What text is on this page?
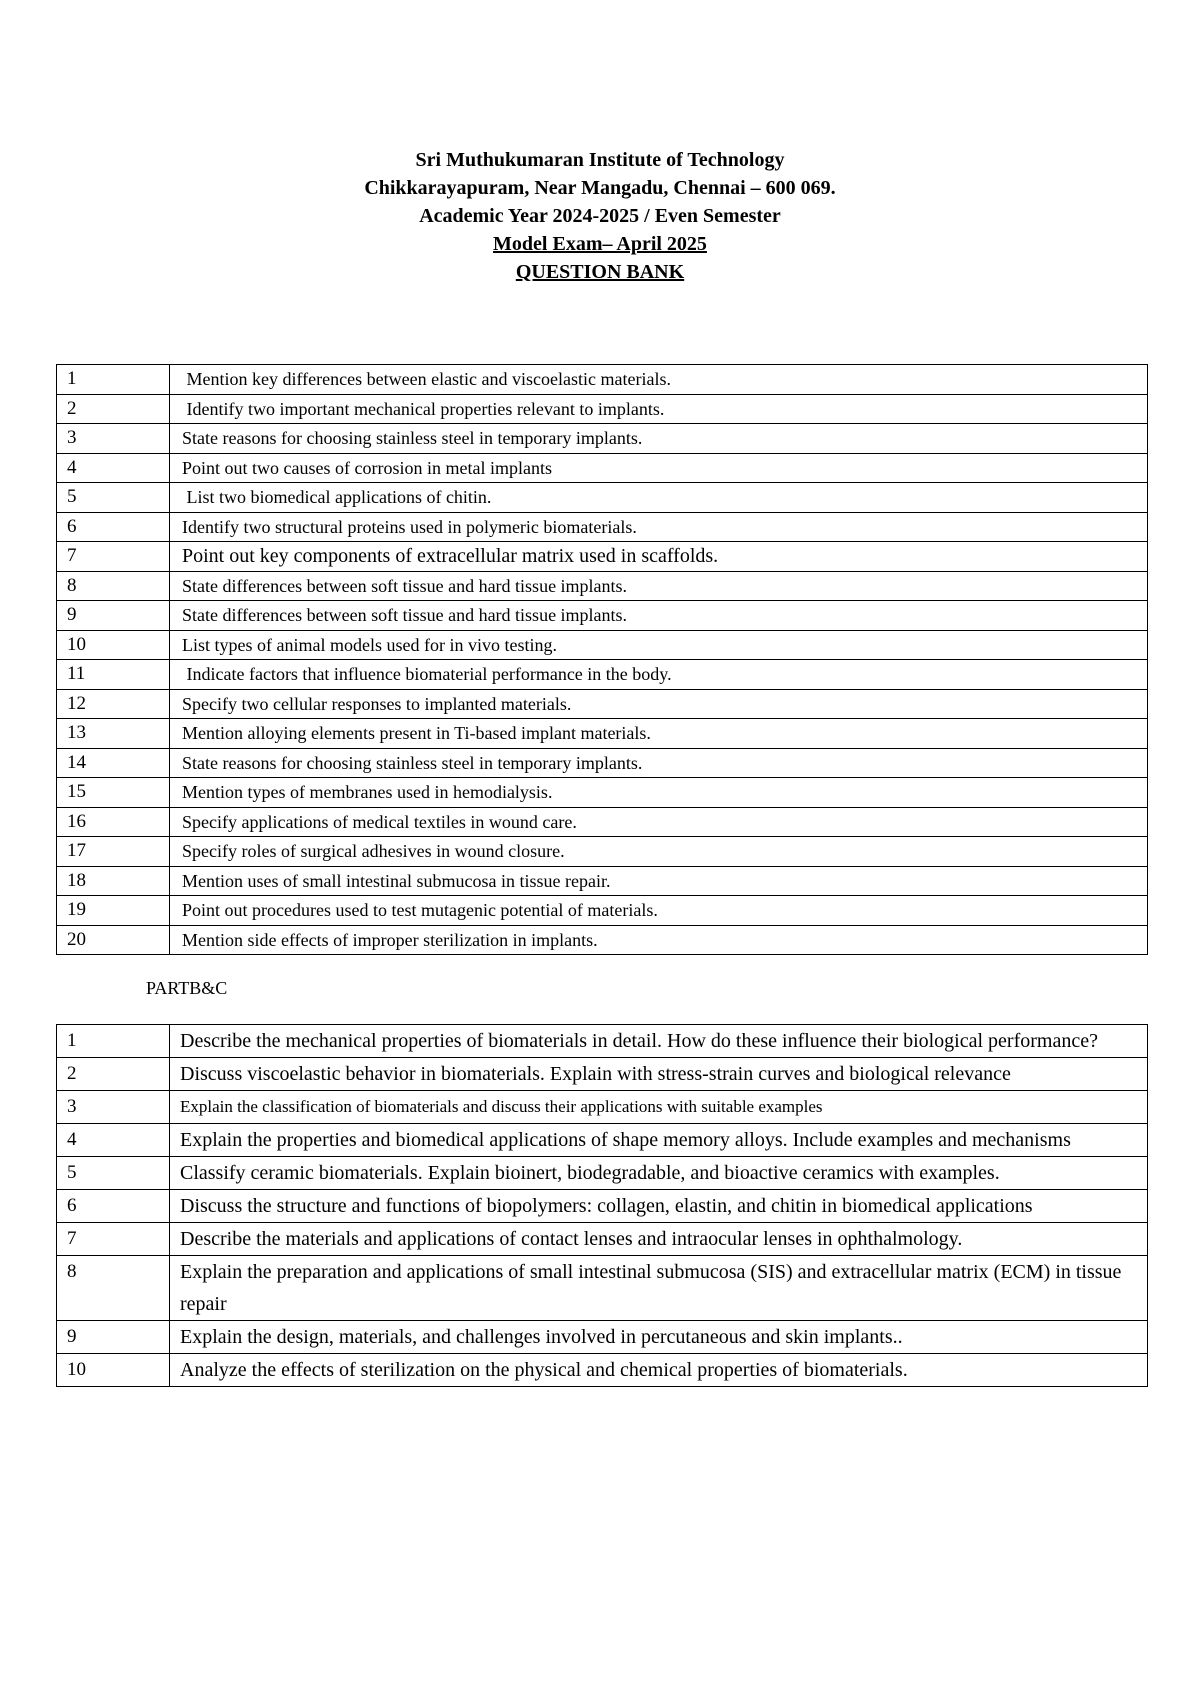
Sri Muthukumaran Institute of Technology
Chikkarayapuram, Near Mangadu, Chennai – 600 069.
Academic Year 2024-2025 / Even Semester
Model Exam– April 2025
QUESTION BANK
1	Mention key differences between elastic and viscoelastic materials.
2	Identify two important mechanical properties relevant to implants.
3	State reasons for choosing stainless steel in temporary implants.
4	Point out two causes of corrosion in metal implants
5	List two biomedical applications of chitin.
6	Identify two structural proteins used in polymeric biomaterials.
7	Point out key components of extracellular matrix used in scaffolds.
8	State differences between soft tissue and hard tissue implants.
9	State differences between soft tissue and hard tissue implants.
10	List types of animal models used for in vivo testing.
11	Indicate factors that influence biomaterial performance in the body.
12	Specify two cellular responses to implanted materials.
13	Mention alloying elements present in Ti-based implant materials.
14	State reasons for choosing stainless steel in temporary implants.
15	Mention types of membranes used in hemodialysis.
16	Specify applications of medical textiles in wound care.
17	Specify roles of surgical adhesives in wound closure.
18	Mention uses of small intestinal submucosa in tissue repair.
19	Point out procedures used to test mutagenic potential of materials.
20	Mention side effects of improper sterilization in implants.
PARTB&C
1	Describe the mechanical properties of biomaterials in detail. How do these influence their biological performance?
2	Discuss viscoelastic behavior in biomaterials. Explain with stress-strain curves and biological relevance
3	Explain the classification of biomaterials and discuss their applications with suitable examples
4	Explain the properties and biomedical applications of shape memory alloys. Include examples and mechanisms
5	Classify ceramic biomaterials. Explain bioinert, biodegradable, and bioactive ceramics with examples.
6	Discuss the structure and functions of biopolymers: collagen, elastin, and chitin in biomedical applications
7	Describe the materials and applications of contact lenses and intraocular lenses in ophthalmology.
8	Explain the preparation and applications of small intestinal submucosa (SIS) and extracellular matrix (ECM) in tissue repair
9	Explain the design, materials, and challenges involved in percutaneous and skin implants..
10	Analyze the effects of sterilization on the physical and chemical properties of biomaterials.
